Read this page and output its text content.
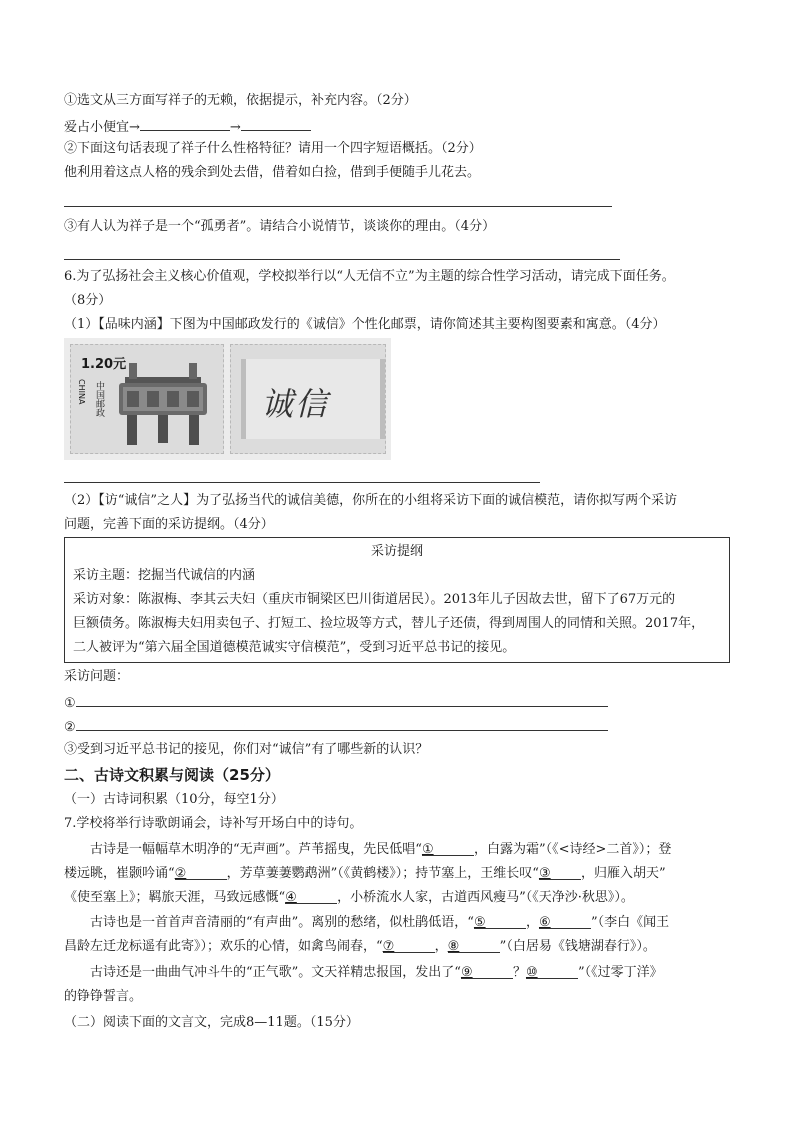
①选文从三方面写祥子的无赖，依据提示，补充内容。（2分）
爱占小便宜→	→
②下面这句话表现了祥子什么性格特征？请用一个四字短语概括。（2分）
他利用着这点人格的残余到处去借，借着如白捡，借到手便随手儿花去。
③有人认为祥子是一个“孤勇者”。请结合小说情节，谈谈你的理由。（4分）
6.为了弘扬社会主义核心价值观，学校拟举行以“人无信不立”为主题的综合性学习活动，请完成下面任务。
（8分）
（1）【品味内涵】下图为中国邮政发行的《诚信》个性化邮票，请你简述其主要构图要素和寓意。（4分）
1.20元
CHINA 中国邮政	诚信
（2）【访“诚信”之人】为了弘扬当代的诚信美德，你所在的小组将采访下面的诚信模范，请你拟写两个采访
问题，完善下面的采访提纲。（4分）
采访提纲
采访主题：挖掘当代诚信的内涵
采访对象：陈淑梅、李其云夫妇（重庆市铜梁区巴川街道居民）。2013年儿子因故去世，留下了67万元的
巨额债务。陈淑梅夫妇用卖包子、打短工、捡垃圾等方式，替儿子还债，得到周围人的同情和关照。2017年，
二人被评为“第六届全国道德模范诚实守信模范”，受到习近平总书记的接见。
采访问题：
①
②
③受到习近平总书记的接见，你们对“诚信”有了哪些新的认识？
二、古诗文积累与阅读（25分）
（一）古诗词积累（10分，每空1分）
7.学校将举行诗歌朗诵会，诗补写开场白中的诗句。
古诗是一幅幅草木明净的“无声画”。芦苇摇曳，先民低唱“①	，白露为霜”（《<诗经>二首》）；登
楼远眺，崔颢吟诵“②	，芳草萋萋鹦鹉洲”（《黄鹤楼》）；持节塞上，王维长叹“③ ，归雁入胡天”
《使至塞上》；羁旅天涯，马致远感慨“④	，小桥流水人家，古道西风瘦马”（《天净沙·秋思》）。
古诗也是一首首声音清丽的“有声曲”。离别的愁绪，似杜鹃低语，“⑤	，⑥	”（李白《闻王
昌龄左迁龙标遥有此寄》）；欢乐的心情，如禽鸟闹春，“⑦	，⑧	”（白居易《钱塘湖春行》）。
古诗还是一曲曲气冲斗牛的“正气歌”。文天祥精忠报国，发出了“⑨	？⑩	”（《过零丁洋》
的铮铮誓言。
（二）阅读下面的文言文，完成8—11题。（15分）
